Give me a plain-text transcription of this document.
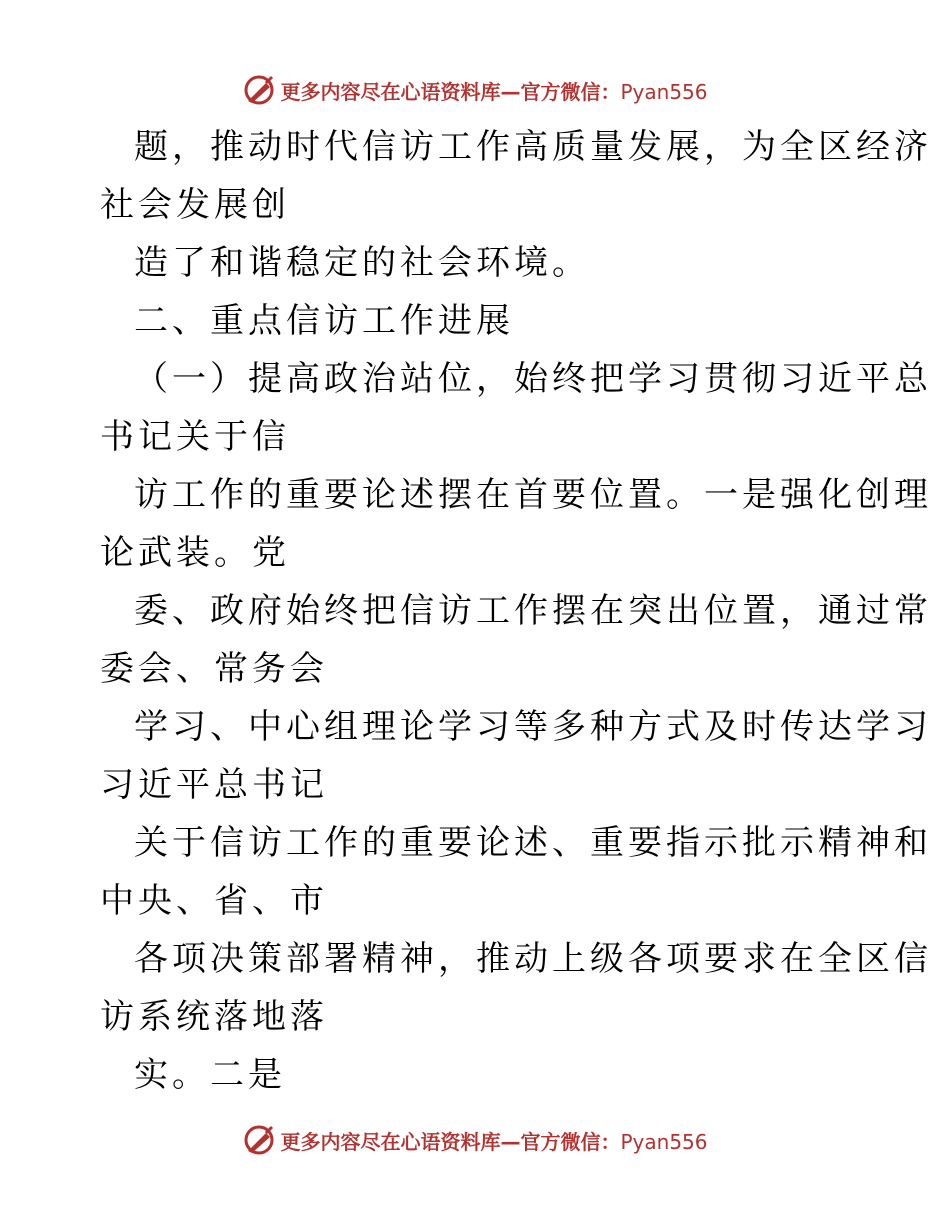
更多内容尽在心语资料库—官方微信：Pyan556
题，推动时代信访工作高质量发展，为全区经济
社会发展创
造了和谐稳定的社会环境。
二、重点信访工作进展
（一）提高政治站位，始终把学习贯彻习近平总
书记关于信
访工作的重要论述摆在首要位置。一是强化创理
论武装。党
委、政府始终把信访工作摆在突出位置，通过常
委会、常务会
学习、中心组理论学习等多种方式及时传达学习
习近平总书记
关于信访工作的重要论述、重要指示批示精神和
中央、省、市
各项决策部署精神，推动上级各项要求在全区信
访系统落地落
实。二是
更多内容尽在心语资料库—官方微信：Pyan556
